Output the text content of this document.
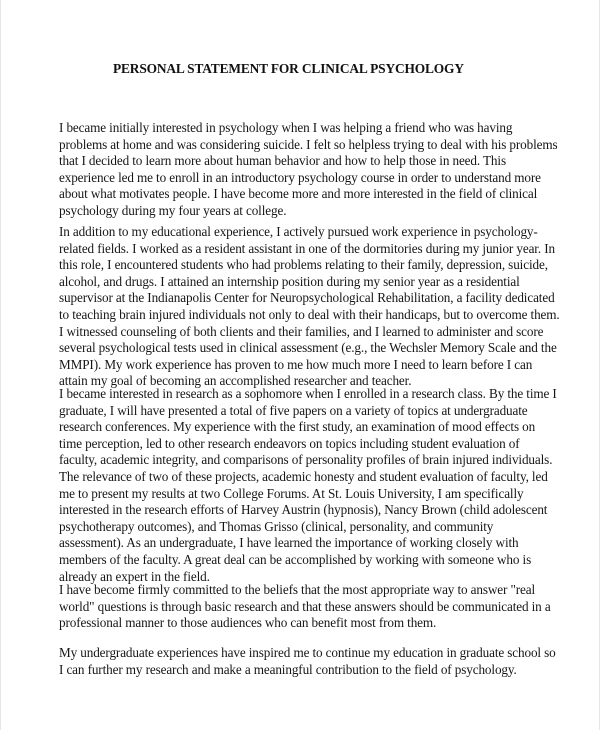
PERSONAL STATEMENT FOR CLINICAL PSYCHOLOGY

I became initially interested in psychology when I was helping a friend who was having
problems at home and was considering suicide. I felt so helpless trying to deal with his problems
that I decided to learn more about human behavior and how to help those in need. This
experience led me to enroll in an introductory psychology course in order to understand more
about what motivates people. I have become more and more interested in the field of clinical
psychology during my four years at college.

In addition to my educational experience, I actively pursued work experience in psychology-
related fields. I worked as a resident assistant in one of the dormitories during my junior year. In
this role, I encountered students who had problems relating to their family, depression, suicide,
alcohol, and drugs. I attained an internship position during my senior year as a residential
supervisor at the Indianapolis Center for Neuropsychological Rehabilitation, a facility dedicated
to teaching brain injured individuals not only to deal with their handicaps, but to overcome them.
I witnessed counseling of both clients and their families, and I learned to administer and score
several psychological tests used in clinical assessment (e.g., the Wechsler Memory Scale and the
MMPI). My work experience has proven to me how much more I need to learn before I can
attain my goal of becoming an accomplished researcher and teacher.

I became interested in research as a sophomore when I enrolled in a research class. By the time I
graduate, I will have presented a total of five papers on a variety of topics at undergraduate
research conferences. My experience with the first study, an examination of mood effects on
time perception, led to other research endeavors on topics including student evaluation of
faculty, academic integrity, and comparisons of personality profiles of brain injured individuals.
The relevance of two of these projects, academic honesty and student evaluation of faculty, led
me to present my results at two College Forums. At St. Louis University, I am specifically
interested in the research efforts of Harvey Austrin (hypnosis), Nancy Brown (child adolescent
psychotherapy outcomes), and Thomas Grisso (clinical, personality, and community
assessment). As an undergraduate, I have learned the importance of working closely with
members of the faculty. A great deal can be accomplished by working with someone who is
already an expert in the field.

I have become firmly committed to the beliefs that the most appropriate way to answer "real
world" questions is through basic research and that these answers should be communicated in a
professional manner to those audiences who can benefit most from them.

My undergraduate experiences have inspired me to continue my education in graduate school so
I can further my research and make a meaningful contribution to the field of psychology.
